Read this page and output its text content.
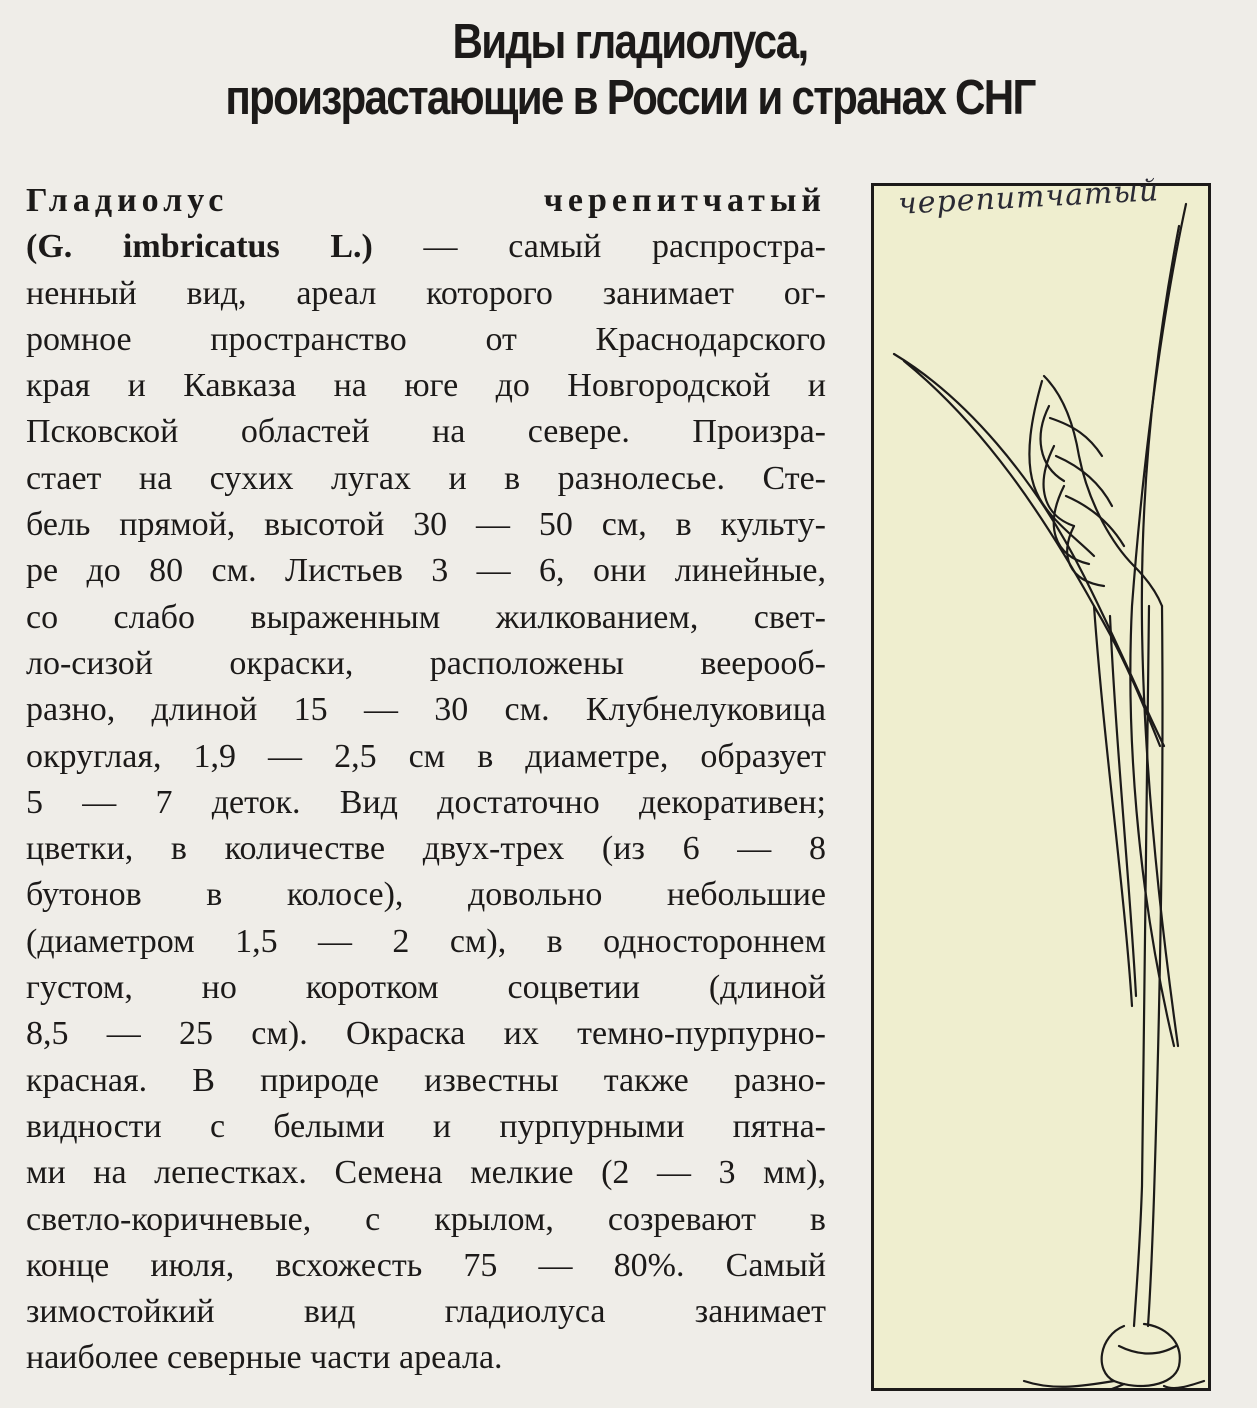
Виды гладиолуса,
произрастающие в России и странах СНГ
Гладиолус черепитчатый
(G. imbricatus L.) — самый распростра-
ненный вид, ареал которого занимает ог-
ромное пространство от Краснодарского
края и Кавказа на юге до Новгородской и
Псковской областей на севере. Произра-
стает на сухих лугах и в разнолесье. Сте-
бель прямой, высотой 30 — 50 см, в культу-
ре до 80 см. Листьев 3 — 6, они линейные,
со слабо выраженным жилкованием, свет-
ло-сизой окраски, расположены веерооб-
разно, длиной 15 — 30 см. Клубнелуковица
округлая, 1,9 — 2,5 см в диаметре, образует
5 — 7 деток. Вид достаточно декоративен;
цветки, в количестве двух-трех (из 6 — 8
бутонов в колосе), довольно небольшие
(диаметром 1,5 — 2 см), в одностороннем
густом, но коротком соцветии (длиной
8,5 — 25 см). Окраска их темно-пурпурно-
красная. В природе известны также разно-
видности с белыми и пурпурными пятна-
ми на лепестках. Семена мелкие (2 — 3 мм),
светло-коричневые, с крылом, созревают в
конце июля, всхожесть 75 — 80%. Самый
зимостойкий вид гладиолуса занимает
наиболее северные части ареала.
черепитчатый
